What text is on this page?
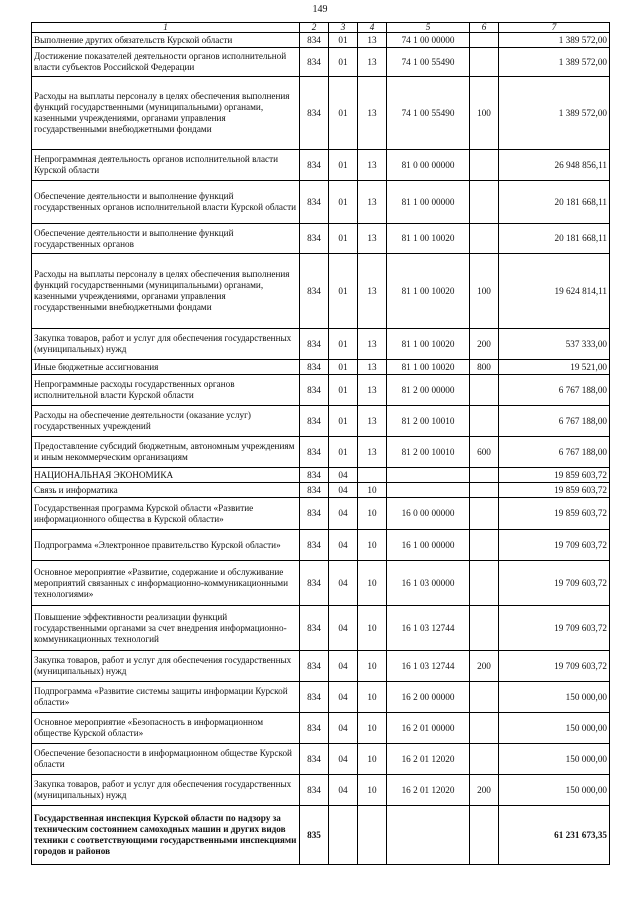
149
1	2	3	4	5	6	7
Выполнение других обязательств Курской области	834	01	13	74 1 00 00000		1 389 572,00
Достижение показателей деятельности органов исполнительной власти субъектов Российской Федерации	834	01	13	74 1 00 55490		1 389 572,00
Расходы на выплаты персоналу в целях обеспечения выполнения функций государственными (муниципальными) органами, казенными учреждениями, органами управления государственными внебюджетными фондами	834	01	13	74 1 00 55490	100	1 389 572,00
Непрограммная деятельность органов исполнительной власти Курской области	834	01	13	81 0 00 00000		26 948 856,11
Обеспечение деятельности и выполнение функций государственных органов исполнительной власти Курской области	834	01	13	81 1 00 00000		20 181 668,11
Обеспечение деятельности и выполнение функций государственных органов	834	01	13	81 1 00 10020		20 181 668,11
Расходы на выплаты персоналу в целях обеспечения выполнения функций государственными (муниципальными) органами, казенными учреждениями, органами управления государственными внебюджетными фондами	834	01	13	81 1 00 10020	100	19 624 814,11
Закупка товаров, работ и услуг для обеспечения государственных (муниципальных) нужд	834	01	13	81 1 00 10020	200	537 333,00
Иные бюджетные ассигнования	834	01	13	81 1 00 10020	800	19 521,00
Непрограммные расходы государственных органов исполнительной власти Курской области	834	01	13	81 2 00 00000		6 767 188,00
Расходы на обеспечение деятельности (оказание услуг) государственных учреждений	834	01	13	81 2 00 10010		6 767 188,00
Предоставление субсидий бюджетным, автономным учреждениям и иным некоммерческим организациям	834	01	13	81 2 00 10010	600	6 767 188,00
НАЦИОНАЛЬНАЯ ЭКОНОМИКА	834	04				19 859 603,72
Связь и информатика	834	04	10			19 859 603,72
Государственная программа Курской области «Развитие информационного общества в Курской области»	834	04	10	16 0 00 00000		19 859 603,72
Подпрограмма «Электронное правительство Курской области»	834	04	10	16 1 00 00000		19 709 603,72
Основное мероприятие «Развитие, содержание и обслуживание мероприятий связанных с информационно-коммуникационными технологиями»	834	04	10	16 1 03 00000		19 709 603,72
Повышение эффективности реализации функций государственными органами за счет внедрения информационно-коммуникационных технологий	834	04	10	16 1 03 12744		19 709 603,72
Закупка товаров, работ и услуг для обеспечения государственных (муниципальных) нужд	834	04	10	16 1 03 12744	200	19 709 603,72
Подпрограмма «Развитие системы защиты информации Курской области»	834	04	10	16 2 00 00000		150 000,00
Основное мероприятие «Безопасность в информационном обществе Курской области»	834	04	10	16 2 01 00000		150 000,00
Обеспечение безопасности в информационном обществе Курской области	834	04	10	16 2 01 12020		150 000,00
Закупка товаров, работ и услуг для обеспечения государственных (муниципальных) нужд	834	04	10	16 2 01 12020	200	150 000,00
Государственная инспекция Курской области по надзору за техническим состоянием самоходных машин и других видов техники с соответствующими государственными инспекциями городов и районов	835					61 231 673,35
